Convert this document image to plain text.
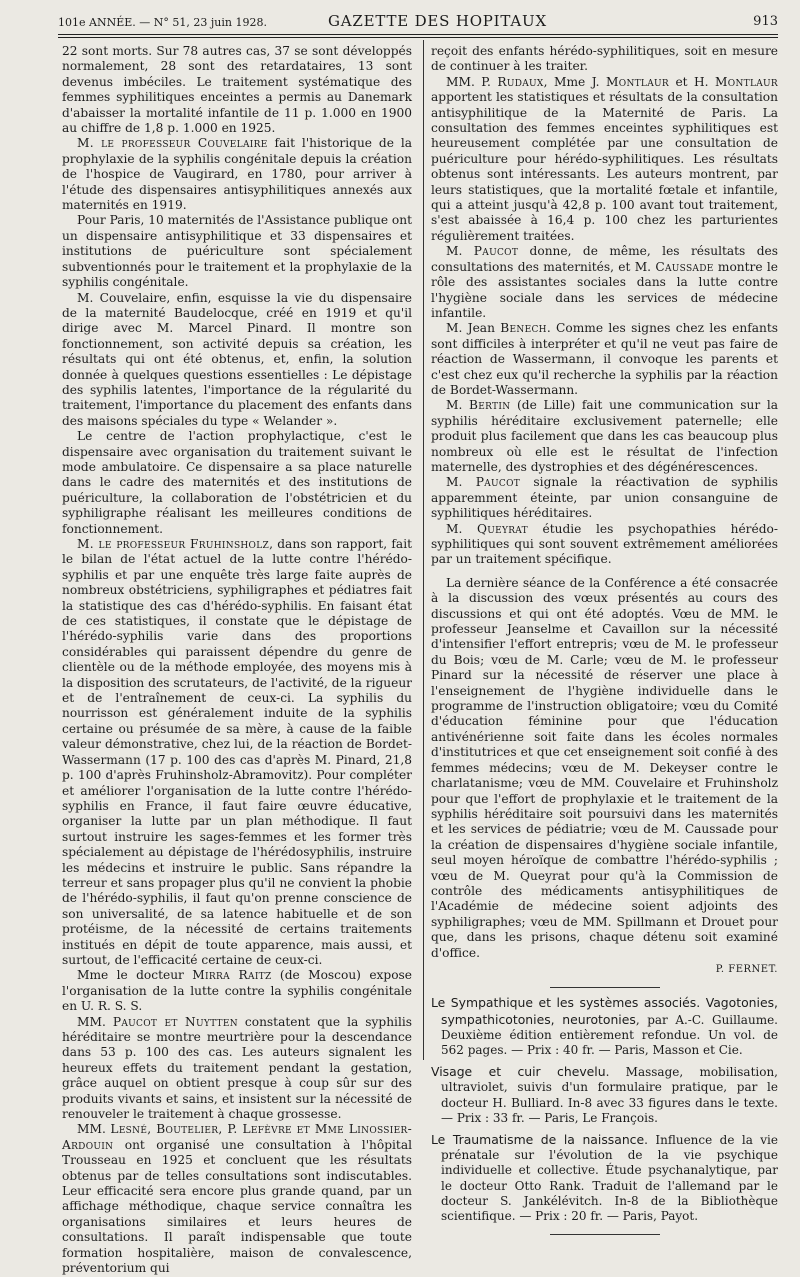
101e ANNÉE. — N° 51, 23 juin 1928.	GAZETTE DES HOPITAUX	913

22 sont morts. Sur 78 autres cas, 37 se sont développés normalement, 28 sont des retardataires, 13 sont devenus imbéciles. Le traitement systématique des femmes syphilitiques enceintes a permis au Danemark d'abaisser la mortalité infantile de 11 p. 1.000 en 1900 au chiffre de 1,8 p. 1.000 en 1925.

M. le professeur Couvelaire fait l'historique de la prophylaxie de la syphilis congénitale depuis la création de l'hospice de Vaugirard, en 1780, pour arriver à l'étude des dispensaires antisyphilitiques annexés aux maternités en 1919.

Pour Paris, 10 maternités de l'Assistance publique ont un dispensaire antisyphilitique et 33 dispensaires et institutions de puériculture sont spécialement subventionnés pour le traitement et la prophylaxie de la syphilis congénitale.

M. Couvelaire, enfin, esquisse la vie du dispensaire de la maternité Baudelocque, créé en 1919 et qu'il dirige avec M. Marcel Pinard. Il montre son fonctionnement, son activité depuis sa création, les résultats qui ont été obtenus, et, enfin, la solution donnée à quelques questions essentielles : Le dépistage des syphilis latentes, l'importance de la régularité du traitement, l'importance du placement des enfants dans des maisons spéciales du type « Welander ».

Le centre de l'action prophylactique, c'est le dispensaire avec organisation du traitement suivant le mode ambulatoire. Ce dispensaire a sa place naturelle dans le cadre des maternités et des institutions de puériculture, la collaboration de l'obstétricien et du syphiligraphe réalisant les meilleures conditions de fonctionnement.

M. le professeur Fruhinsholz, dans son rapport, fait le bilan de l'état actuel de la lutte contre l'hérédo-syphilis et par une enquête très large faite auprès de nombreux obstétriciens, syphiligraphes et pédiatres fait la statistique des cas d'hérédo-syphilis. En faisant état de ces statistiques, il constate que le dépistage de l'hérédo-syphilis varie dans des proportions considérables qui paraissent dépendre du genre de clientèle ou de la méthode employée, des moyens mis à la disposition des scrutateurs, de l'activité, de la rigueur et de l'entraînement de ceux-ci. La syphilis du nourrisson est généralement induite de la syphilis certaine ou présumée de sa mère, à cause de la faible valeur démonstrative, chez lui, de la réaction de Bordet-Wassermann (17 p. 100 des cas d'après M. Pinard, 21,8 p. 100 d'après Fruhinsholz-Abramovitz). Pour compléter et améliorer l'organisation de la lutte contre l'hérédo-syphilis en France, il faut faire œuvre éducative, organiser la lutte par un plan méthodique. Il faut surtout instruire les sages-femmes et les former très spécialement au dépistage de l'hérédosyphilis, instruire les médecins et instruire le public. Sans répandre la terreur et sans propager plus qu'il ne convient la phobie de l'hérédo-syphilis, il faut qu'on prenne conscience de son universalité, de sa latence habituelle et de son protéisme, de la nécessité de certains traitements institués en dépit de toute apparence, mais aussi, et surtout, de l'efficacité certaine de ceux-ci.

Mme le docteur Mirra Raitz (de Moscou) expose l'organisation de la lutte contre la syphilis congénitale en U. R. S. S.

MM. Paucot et Nuytten constatent que la syphilis héréditaire se montre meurtrière pour la descendance dans 53 p. 100 des cas. Les auteurs signalent les heureux effets du traitement pendant la gestation, grâce auquel on obtient presque à coup sûr sur des produits vivants et sains, et insistent sur la nécessité de renouveler le traitement à chaque grossesse.

MM. Lesné, Boutelier, P. Lefèvre et Mme Linossier-Ardouin ont organisé une consultation à l'hôpital Trousseau en 1925 et concluent que les résultats obtenus par de telles consultations sont indiscutables. Leur efficacité sera encore plus grande quand, par un affichage méthodique, chaque service connaîtra les organisations similaires et leurs heures de consultations. Il paraît indispensable que toute formation hospitalière, maison de convalescence, préventorium qui

reçoit des enfants hérédo-syphilitiques, soit en mesure de continuer à les traiter.

MM. P. Rudaux, Mme J. Montlaur et H. Montlaur apportent les statistiques et résultats de la consultation antisyphilitique de la Maternité de Paris. La consultation des femmes enceintes syphilitiques est heureusement complétée par une consultation de puériculture pour hérédo-syphilitiques. Les résultats obtenus sont intéressants. Les auteurs montrent, par leurs statistiques, que la mortalité fœtale et infantile, qui a atteint jusqu'à 42,8 p. 100 avant tout traitement, s'est abaissée à 16,4 p. 100 chez les parturientes régulièrement traitées.

M. Paucot donne, de même, les résultats des consultations des maternités, et M. Caussade montre le rôle des assistantes sociales dans la lutte contre l'hygiène sociale dans les services de médecine infantile.

M. Jean Benech. Comme les signes chez les enfants sont difficiles à interpréter et qu'il ne veut pas faire de réaction de Wassermann, il convoque les parents et c'est chez eux qu'il recherche la syphilis par la réaction de Bordet-Wassermann.

M. Bertin (de Lille) fait une communication sur la syphilis héréditaire exclusivement paternelle; elle produit plus facilement que dans les cas beaucoup plus nombreux où elle est le résultat de l'infection maternelle, des dystrophies et des dégénérescences.

M. Paucot signale la réactivation de syphilis apparemment éteinte, par union consanguine de syphilitiques héréditaires.

M. Queyrat étudie les psychopathies hérédo-syphilitiques qui sont souvent extrêmement améliorées par un traitement spécifique.

La dernière séance de la Conférence a été consacrée à la discussion des vœux présentés au cours des discussions et qui ont été adoptés. Vœu de MM. le professeur Jeanselme et Cavaillon sur la nécessité d'intensifier l'effort entrepris; vœu de M. le professeur du Bois; vœu de M. Carle; vœu de M. le professeur Pinard sur la nécessité de réserver une place à l'enseignement de l'hygiène individuelle dans le programme de l'instruction obligatoire; vœu du Comité d'éducation féminine pour que l'éducation antivénérienne soit faite dans les écoles normales d'institutrices et que cet enseignement soit confié à des femmes médecins; vœu de M. Dekeyser contre le charlatanisme; vœu de MM. Couvelaire et Fruhinsholz pour que l'effort de prophylaxie et le traitement de la syphilis héréditaire soit poursuivi dans les maternités et les services de pédiatrie; vœu de M. Caussade pour la création de dispensaires d'hygiène sociale infantile, seul moyen héroïque de combattre l'hérédo-syphilis ; vœu de M. Queyrat pour qu'à la Commission de contrôle des médicaments antisyphilitiques de l'Académie de médecine soient adjoints des syphiligraphes; vœu de MM. Spillmann et Drouet pour que, dans les prisons, chaque détenu soit examiné d'office.

P. FERNET.

Le Sympathique et les systèmes associés. Vagotonies, sympathicotonies, neurotonies, par A.-C. Guillaume. Deuxième édition entièrement refondue. Un vol. de 562 pages. — Prix : 40 fr. — Paris, Masson et Cie.

Visage et cuir chevelu. Massage, mobilisation, ultraviolet, suivis d'un formulaire pratique, par le docteur H. Bulliard. In-8 avec 33 figures dans le texte. — Prix : 33 fr. — Paris, Le François.

Le Traumatisme de la naissance. Influence de la vie prénatale sur l'évolution de la vie psychique individuelle et collective. Étude psychanalytique, par le docteur Otto Rank. Traduit de l'allemand par le docteur S. Jankélévitch. In-8 de la Bibliothèque scientifique. — Prix : 20 fr. — Paris, Payot.
